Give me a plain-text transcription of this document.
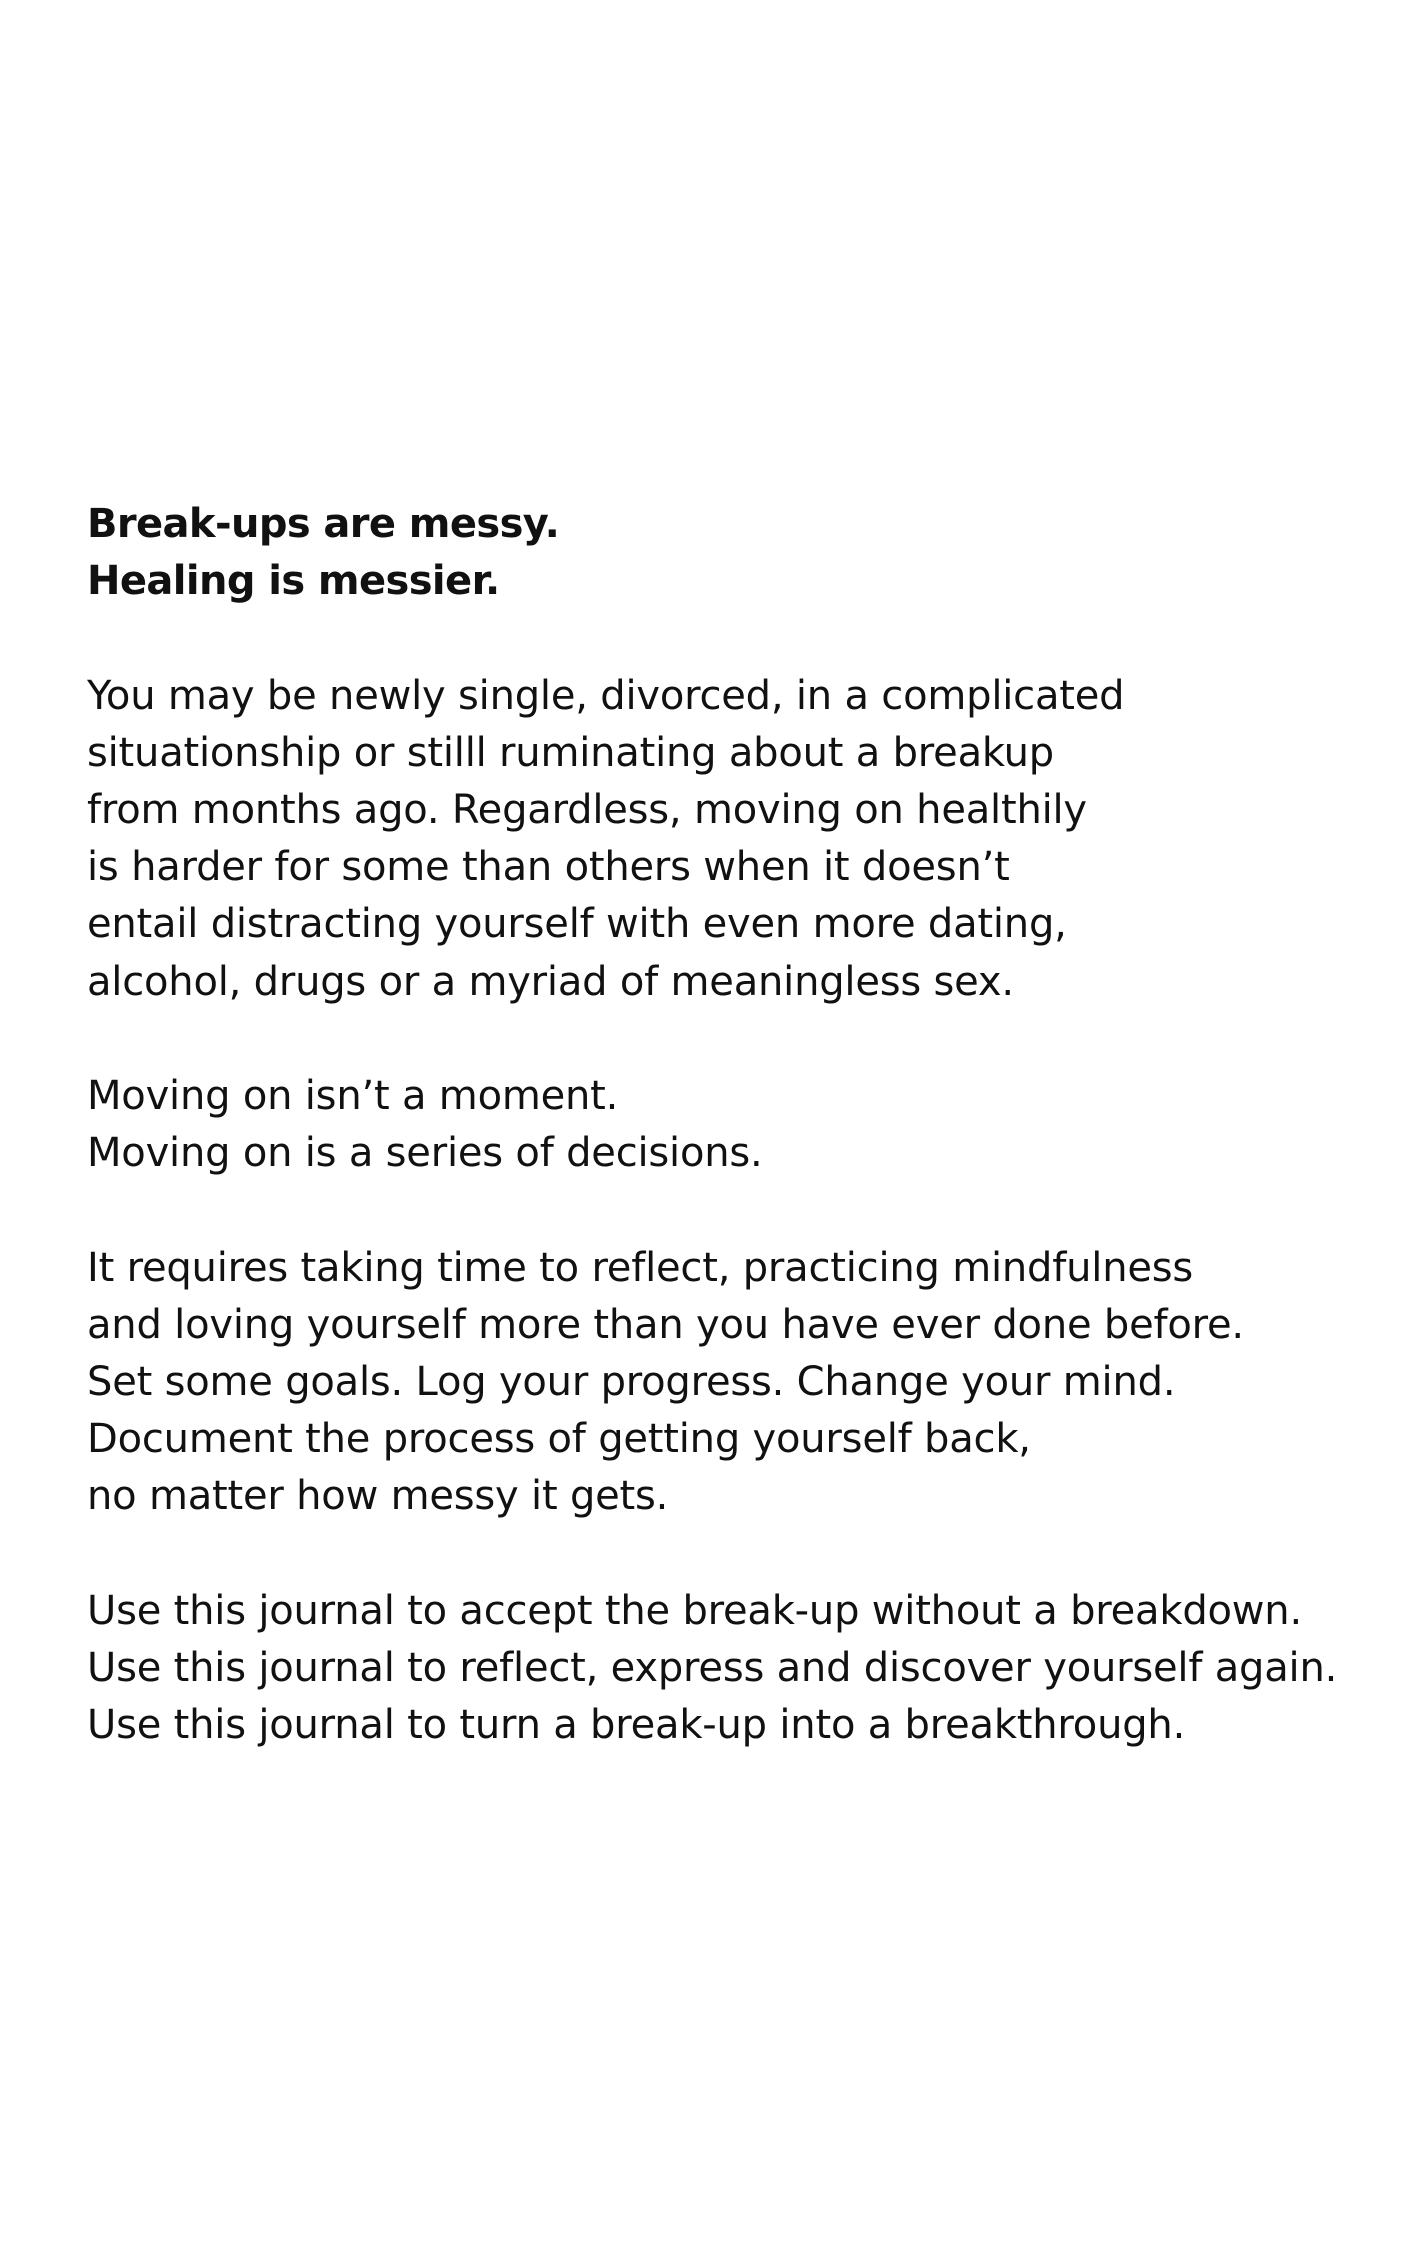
Break-ups are messy.
Healing is messier.
You may be newly single, divorced, in a complicated
situationship or stilll ruminating about a breakup
from months ago. Regardless, moving on healthily
is harder for some than others when it doesn’t
entail distracting yourself with even more dating,
alcohol, drugs or a myriad of meaningless sex.
Moving on isn’t a moment.
Moving on is a series of decisions.
It requires taking time to reflect, practicing mindfulness
and loving yourself more than you have ever done before.
Set some goals. Log your progress. Change your mind.
Document the process of getting yourself back,
no matter how messy it gets.
Use this journal to accept the break-up without a breakdown.
Use this journal to reflect, express and discover yourself again.
Use this journal to turn a break-up into a breakthrough.
